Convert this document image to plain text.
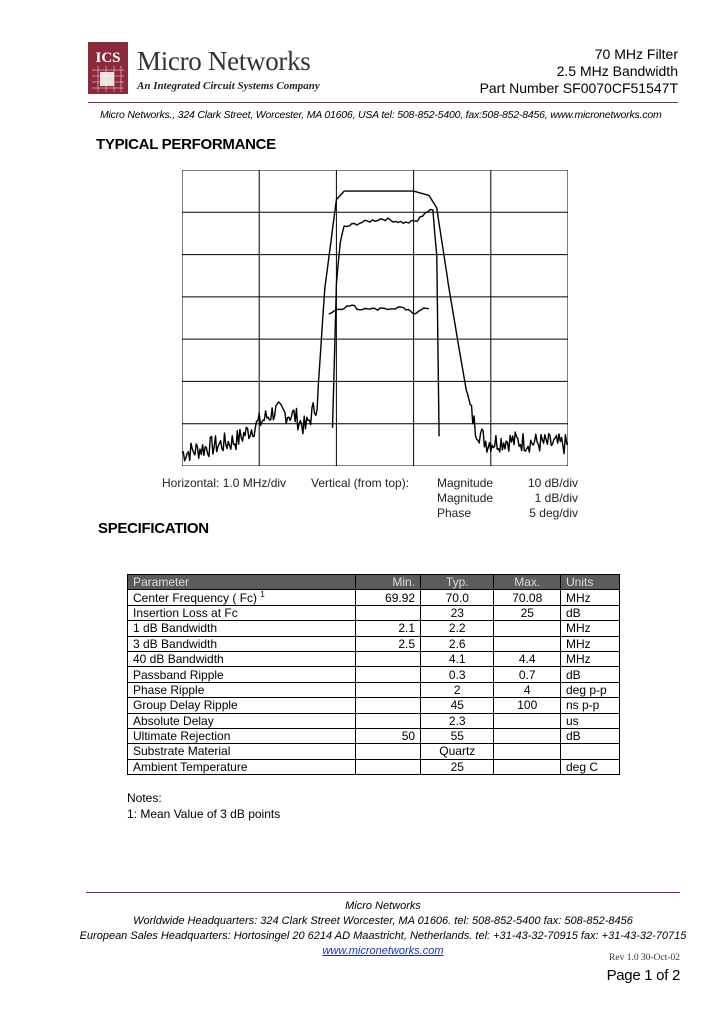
ICS Micro Networks
An Integrated Circuit Systems Company
70 MHz Filter
2.5 MHz Bandwidth
Part Number SF0070CF51547T
Micro Networks., 324 Clark Street, Worcester, MA 01606, USA tel: 508-852-5400, fax:508-852-8456, www.micronetworks.com
TYPICAL PERFORMANCE
Horizontal: 1.0 MHz/div Vertical (from top): Magnitude	10 dB/div
Magnitude	1 dB/div
Phase	5 deg/div
SPECIFICATION
Parameter	Min.	Typ.	Max.	Units
Center Frequency ( Fc) $^1$	69.92	70.0	70.08	MHz
Insertion Loss at Fc		23	25	dB
1 dB Bandwidth	2.1	2.2		MHz
3 dB Bandwidth	2.5	2.6		MHz
40 dB Bandwidth		4.1	4.4	MHz
Passband Ripple		0.3	0.7	dB
Phase Ripple		2	4	deg p-p
Group Delay Ripple		45	100	ns p-p
Absolute Delay		2.3		us
Ultimate Rejection	50	55		dB
Substrate Material		Quartz		
Ambient Temperature		25		deg C
Notes:
1: Mean Value of 3 dB points
Micro Networks
Worldwide Headquarters: 324 Clark Street Worcester, MA 01606. tel: 508-852-5400 fax: 508-852-8456
European Sales Headquarters: Hortosingel 20 6214 AD Maastricht, Netherlands. tel: +31-43-32-70915 fax: +31-43-32-70715
www.micronetworks.com
Rev 1.0 30-Oct-02
Page 1 of 2
